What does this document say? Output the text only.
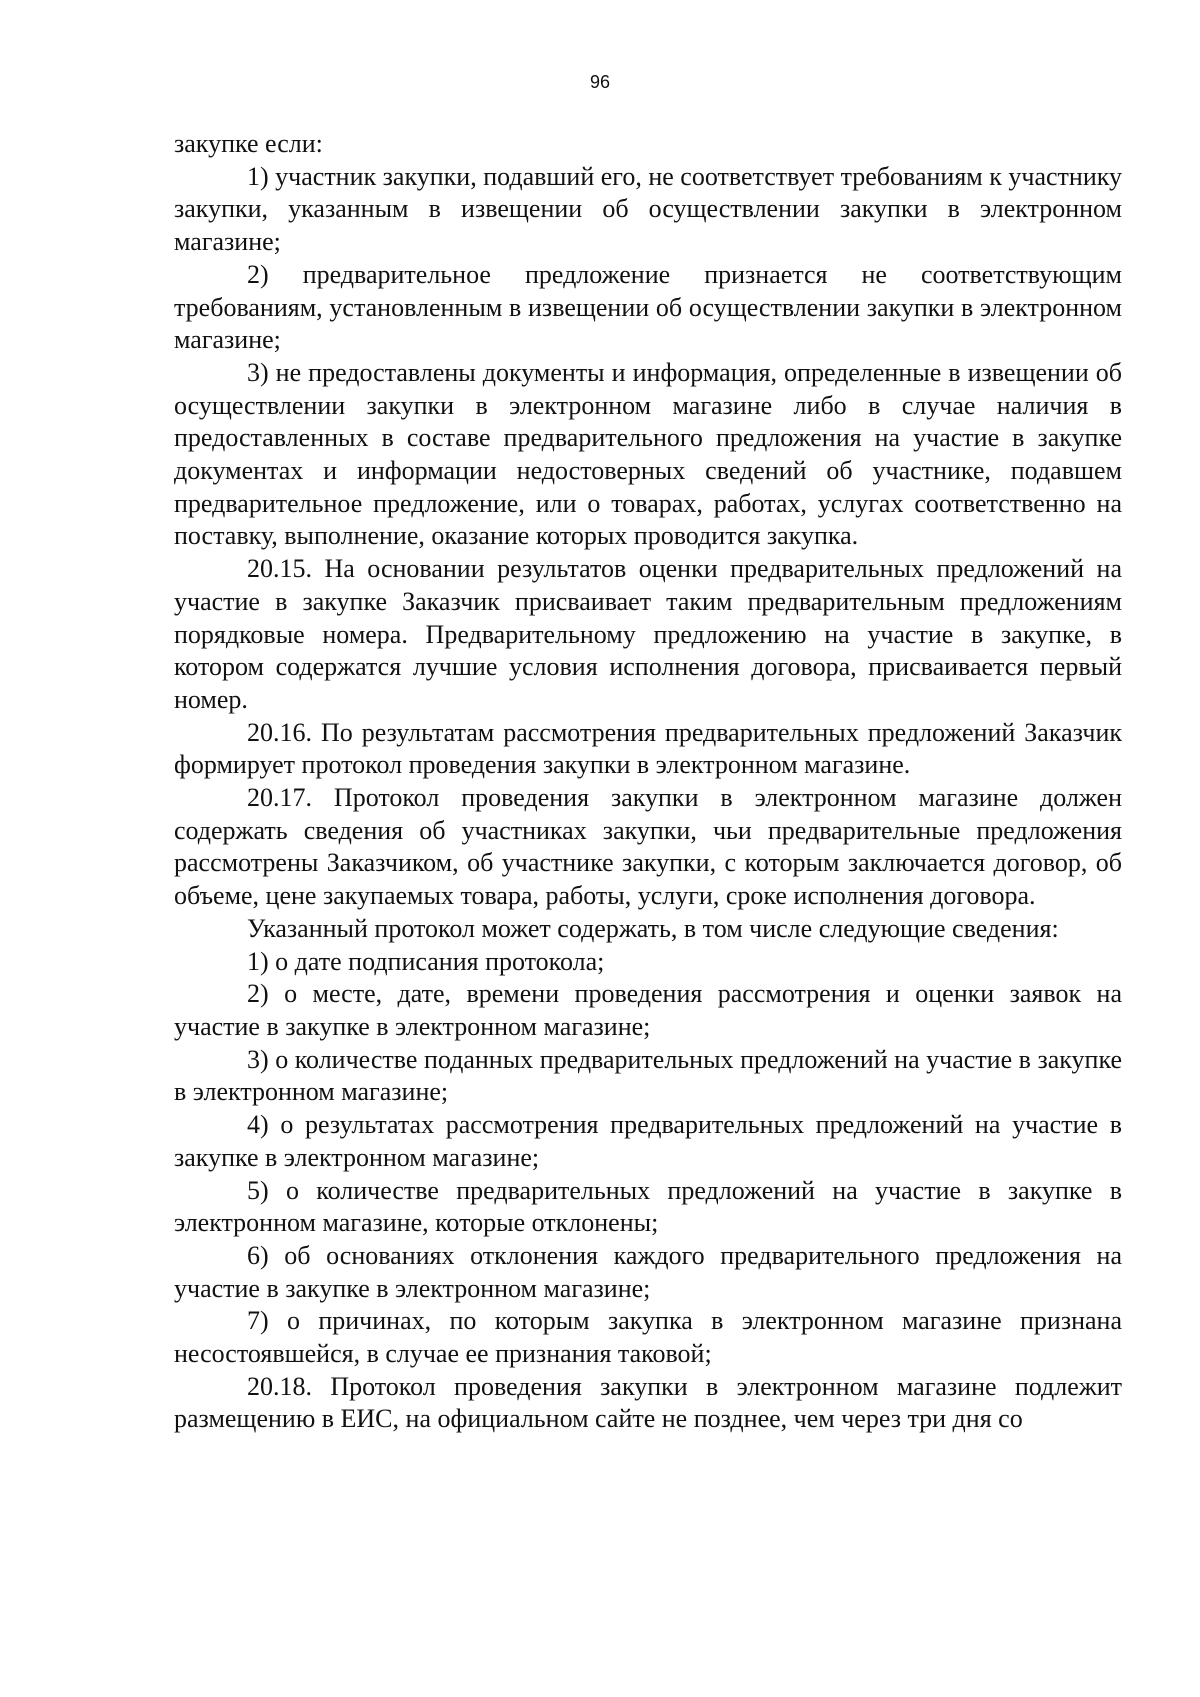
96

закупке если:

1) участник закупки, подавший его, не соответствует требованиям к участнику закупки, указанным в извещении об осуществлении закупки в электронном магазине;

2) предварительное предложение признается не соответствующим требованиям, установленным в извещении об осуществлении закупки в электронном магазине;

3) не предоставлены документы и информация, определенные в извещении об осуществлении закупки в электронном магазине либо в случае наличия в предоставленных в составе предварительного предложения на участие в закупке документах и информации недостоверных сведений об участнике, подавшем предварительное предложение, или о товарах, работах, услугах соответственно на поставку, выполнение, оказание которых проводится закупка.

20.15. На основании результатов оценки предварительных предложений на участие в закупке Заказчик присваивает таким предварительным предложениям порядковые номера. Предварительному предложению на участие в закупке, в котором содержатся лучшие условия исполнения договора, присваивается первый номер.

20.16. По результатам рассмотрения предварительных предложений Заказчик формирует протокол проведения закупки в электронном магазине.

20.17. Протокол проведения закупки в электронном магазине должен содержать сведения об участниках закупки, чьи предварительные предложения рассмотрены Заказчиком, об участнике закупки, с которым заключается договор, об объеме, цене закупаемых товара, работы, услуги, сроке исполнения договора.

Указанный протокол может содержать, в том числе следующие сведения:

1) о дате подписания протокола;

2) о месте, дате, времени проведения рассмотрения и оценки заявок на участие в закупке в электронном магазине;

3) о количестве поданных предварительных предложений на участие в закупке в электронном магазине;

4) о результатах рассмотрения предварительных предложений на участие в закупке в электронном магазине;

5) о количестве предварительных предложений на участие в закупке в электронном магазине, которые отклонены;

6) об основаниях отклонения каждого предварительного предложения на участие в закупке в электронном магазине;

7) о причинах, по которым закупка в электронном магазине признана несостоявшейся, в случае ее признания таковой;

20.18. Протокол проведения закупки в электронном магазине подлежит размещению в ЕИС, на официальном сайте не позднее, чем через три дня со
